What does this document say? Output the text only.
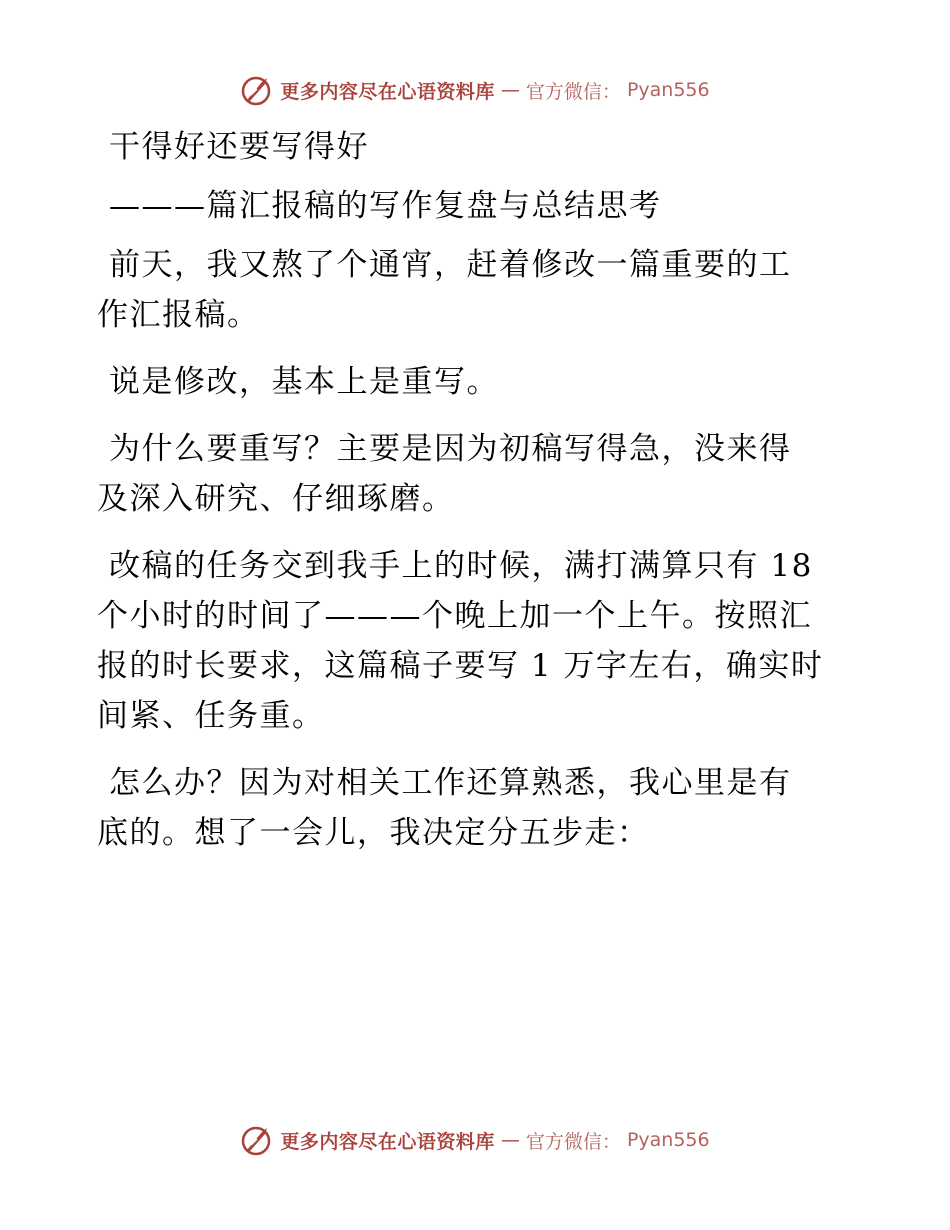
更多内容尽在心语资料库 — 官方微信： Pyan556
干得好还要写得好
———篇汇报稿的写作复盘与总结思考
前天，我又熬了个通宵，赶着修改一篇重要的工
作汇报稿。
说是修改，基本上是重写。
为什么要重写？主要是因为初稿写得急，没来得
及深入研究、仔细琢磨。
改稿的任务交到我手上的时候，满打满算只有 18
个小时的时间了———个晚上加一个上午。按照汇
报的时长要求，这篇稿子要写 1 万字左右，确实时
间紧、任务重。
怎么办？因为对相关工作还算熟悉，我心里是有
底的。想了一会儿，我决定分五步走：
更多内容尽在心语资料库 — 官方微信： Pyan556
